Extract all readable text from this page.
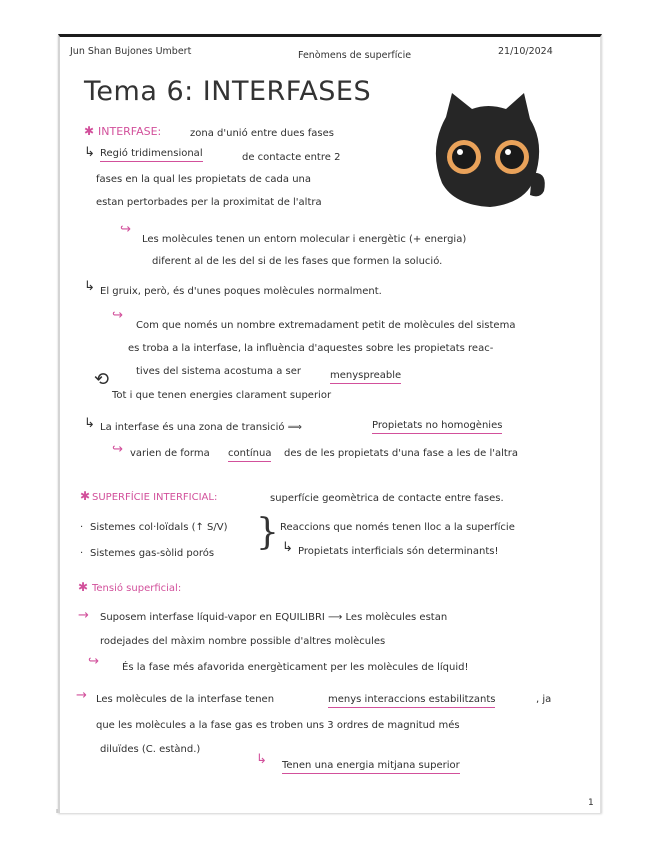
Jun Shan Bujones Umbert	Fenòmens de superfície	21/10/2024
Tema 6: INTERFASES
✱ INTERFASE:	zona d'unió entre dues fases
↳ Regió tridimensional	de contacte entre 2
fases en la qual les propietats de cada una
estan pertorbades per la proximitat de l'altra
↪
Les molècules tenen un entorn molecular i energètic (+ energia)
diferent al de les del si de les fases que formen la solució.
↳ El gruix, però, és d'unes poques molècules normalment.
↪
Com que només un nombre extremadament petit de molècules del sistema
es troba a la interfase, la influència d'aquestes sobre les propietats reac-
tives del sistema acostuma a ser	menyspreable
⟲
Tot i que tenen energies clarament superior
↳ La interfase és una zona de transició ⟹	Propietats no homogènies
↪ varien de forma contínua des de les propietats d'una fase a les de l'altra
✱ SUPERFÍCIE INTERFICIAL:	superfície geomètrica de contacte entre fases.
· Sistemes col·loïdals (↑ S/V)
· Sistemes gas-sòlid porós
} Reaccions que només tenen lloc a la superfície
↳ Propietats interficials són determinants!
✱ Tensió superficial:
→ Suposem interfase líquid-vapor en EQUILIBRI ⟶ Les molècules estan
rodejades del màxim nombre possible d'altres molècules
↪ És la fase més afavorida energèticament per les molècules de líquid!
→ Les molècules de la interfase tenen	menys interaccions estabilitzants	, ja
que les molècules a la fase gas es troben uns 3 ordres de magnitud més
diluïdes (C. estànd.)
↳ Tenen una energia mitjana superior
1
